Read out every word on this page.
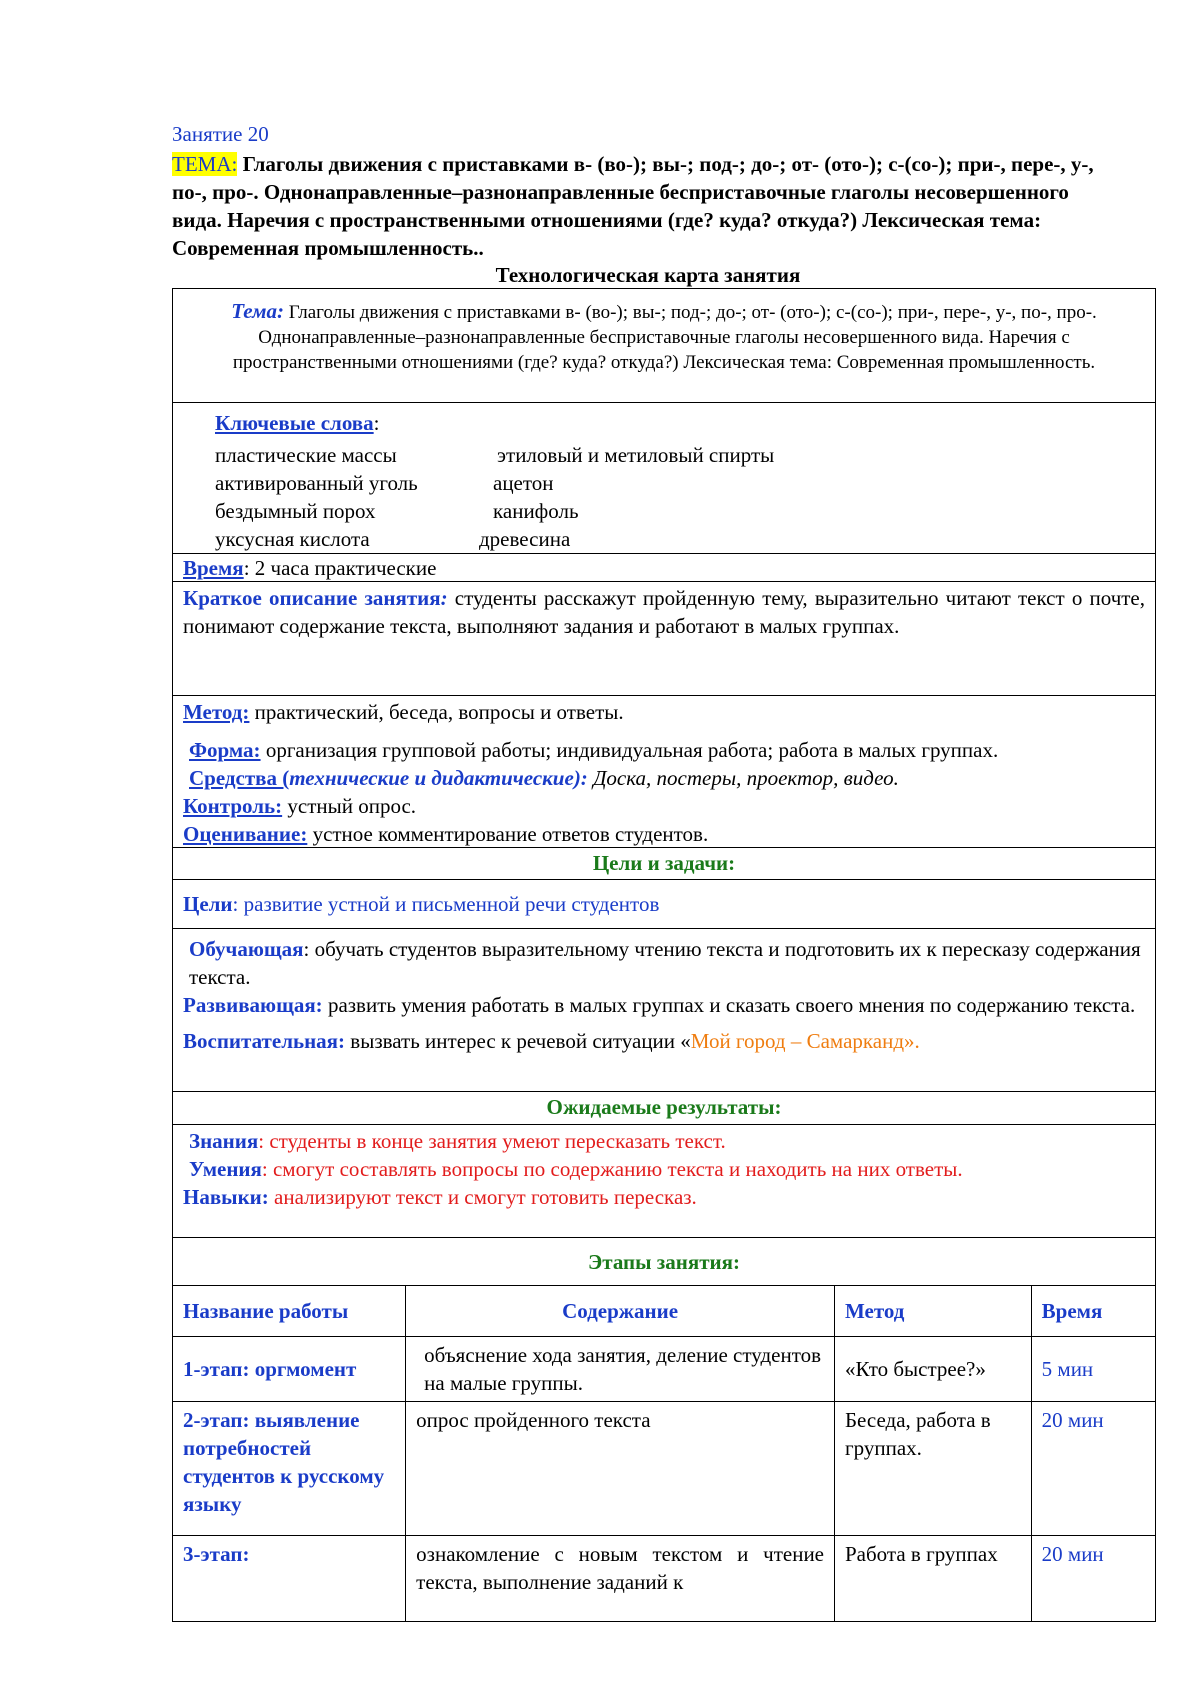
Занятие 20
ТЕМА: Глаголы движения с приставками в- (во-); вы-; под-; до-; от- (ото-); с-(со-); при-, пере-, у-, по-, про-. Однонаправленные–разнонаправленные бесприставочные глаголы несовершенного вида. Наречия с пространственными отношениями (где? куда? откуда?) Лексическая тема: Современная промышленность..
Технологическая карта занятия
Тема: Глаголы движения с приставками в- (во-); вы-; под-; до-; от- (ото-); с-(со-); при-, пере-, у-, по-, про-. Однонаправленные–разнонаправленные бесприставочные глаголы несовершенного вида. Наречия с пространственными отношениями (где? куда? откуда?) Лексическая тема: Современная промышленность.
Ключевые слова:
пластические массы	этиловый и метиловый спирты
активированный уголь	ацетон
бездымный порох	канифоль
уксусная кислота	древесина
Время: 2 часа практические
Краткое описание занятия: студенты расскажут пройденную тему, выразительно читают текст о почте, понимают содержание текста, выполняют задания и работают в малых группах.
Метод: практический, беседа, вопросы и ответы.
Форма: организация групповой работы; индивидуальная работа; работа в малых группах.
Средства (технические и дидактические): Доска, постеры, проектор, видео.
Контроль: устный опрос.
Оценивание: устное комментирование ответов студентов.
Цели и задачи:
Цели: развитие устной и письменной речи студентов
Обучающая: обучать студентов выразительному чтению текста и подготовить их к пересказу содержания текста.
Развивающая: развить умения работать в малых группах и сказать своего мнения по содержанию текста.
Воспитательная: вызвать интерес к речевой ситуации «Мой город – Самарканд».
Ожидаемые результаты:
Знания: студенты в конце занятия умеют пересказать текст.
Умения: смогут составлять вопросы по содержанию текста и находить на них ответы.
Навыки: анализируют текст и смогут готовить пересказ.
Этапы занятия:
Название работы	Содержание	Метод	Время
1-этап: оргмомент	объяснение хода занятия, деление студентов на малые группы.	«Кто быстрее?»	5 мин
2-этап: выявление потребностей студентов к русскому языку	опрос пройденного текста	Беседа, работа в группах.	20 мин
3-этап:	ознакомление с новым текстом и чтение текста, выполнение заданий к	Работа в группах	20 мин
